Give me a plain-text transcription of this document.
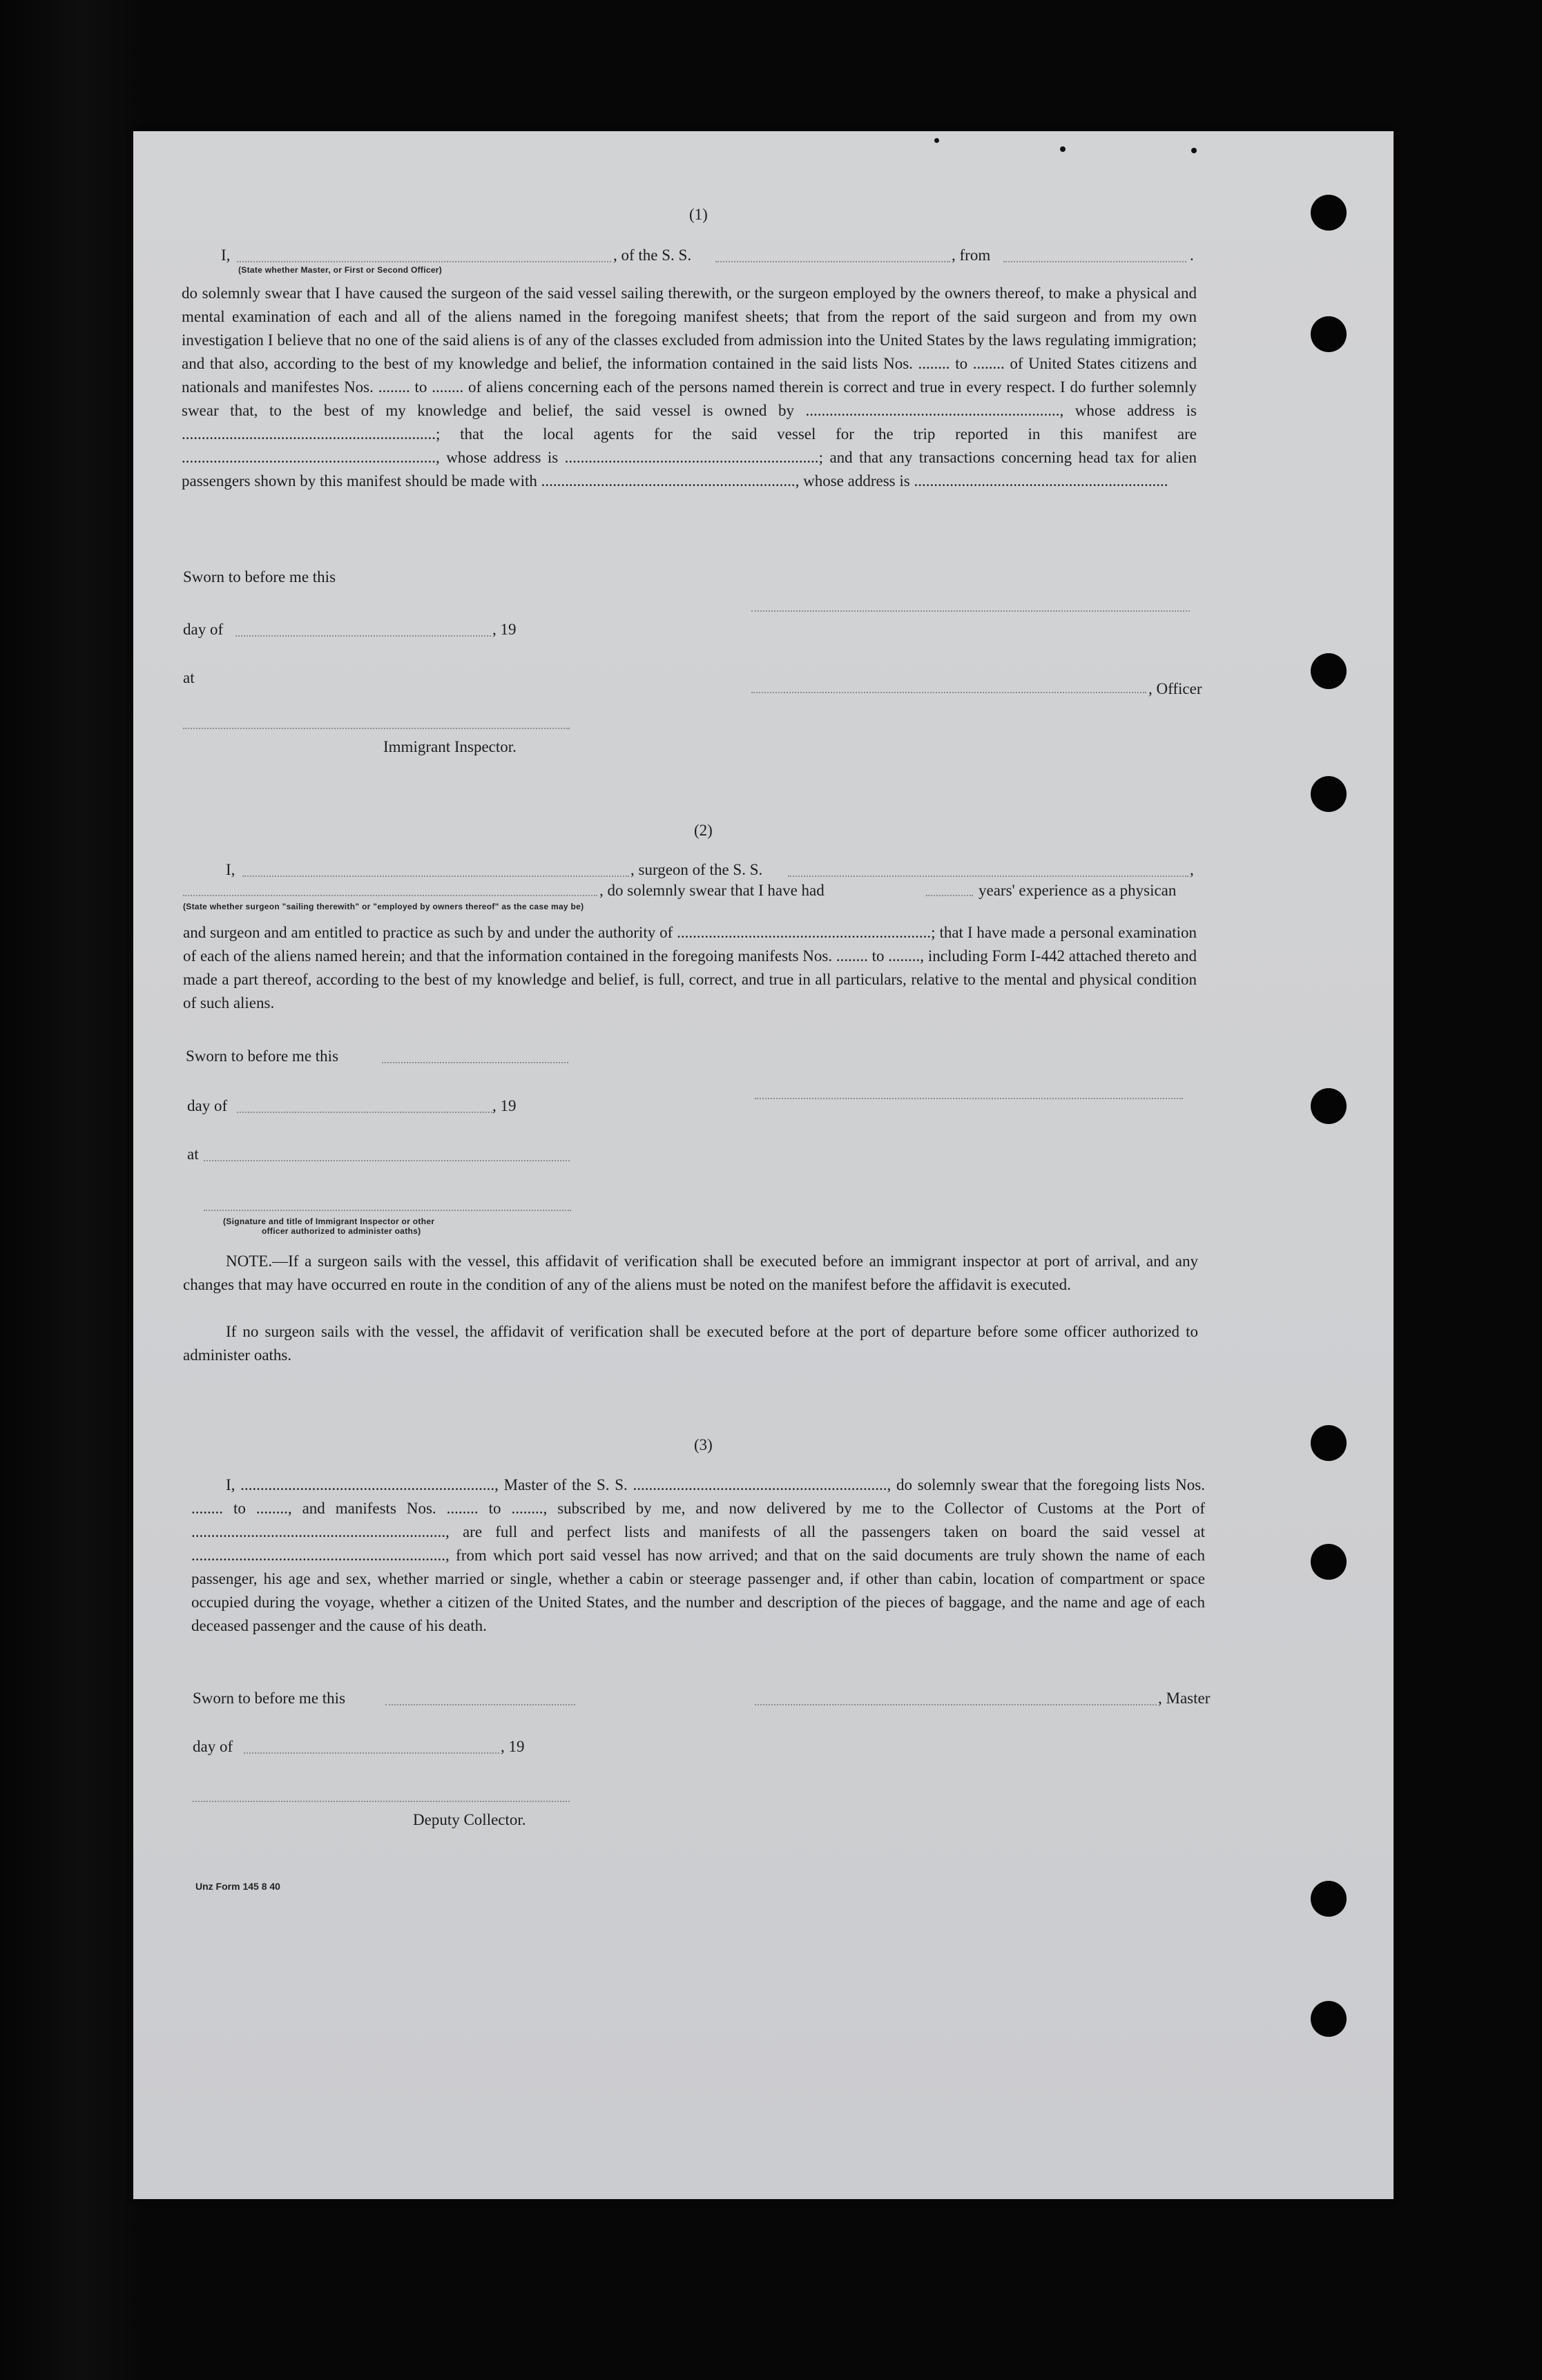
(1)
I,	, of the S. S.	, from	.
(State whether Master, or First or Second Officer)
do solemnly swear that I have caused the surgeon of the said vessel sailing therewith, or the surgeon employed by the owners thereof, to make a physical and mental examination of each and all of the aliens named in the foregoing manifest sheets; that from the report of the said surgeon and from my own investigation I believe that no one of the said aliens is of any of the classes excluded from admission into the United States by the laws regulating immigration; and that also, according to the best of my knowledge and belief, the information contained in the said lists Nos. ........ to ........ of United States citizens and nationals and manifestes Nos. ........ to ........ of aliens concerning each of the persons named therein is correct and true in every respect. I do further solemnly swear that, to the best of my knowledge and belief, the said vessel is owned by ................................................................, whose address is ................................................................; that the local agents for the said vessel for the trip reported in this manifest are ................................................................, whose address is ................................................................; and that any transactions concerning head tax for alien passengers shown by this manifest should be made with ................................................................, whose address is ................................................................
Sworn to before me this
day of	, 19
at
, Officer
Immigrant Inspector.
(2)
I,	, surgeon of the S. S.	,
, do solemnly swear that I have had	years' experience as a physican
(State whether surgeon "sailing therewith" or "employed by owners thereof" as the case may be)
and surgeon and am entitled to practice as such by and under the authority of ................................................................; that I have made a personal examination of each of the aliens named herein; and that the information contained in the foregoing manifests Nos. ........ to ........, including Form I-442 attached thereto and made a part thereof, according to the best of my knowledge and belief, is full, correct, and true in all particulars, relative to the mental and physical condition of such aliens.
Sworn to before me this
day of	, 19
at
(Signature and title of Immigrant Inspector or other
officer authorized to administer oaths)
NOTE.—If a surgeon sails with the vessel, this affidavit of verification shall be executed before an immigrant inspector at port of arrival, and any changes that may have occurred en route in the condition of any of the aliens must be noted on the manifest before the affidavit is executed.
If no surgeon sails with the vessel, the affidavit of verification shall be executed before at the port of departure before some officer authorized to administer oaths.
(3)
I, ................................................................, Master of the S. S. ................................................................, do solemnly swear that the foregoing lists Nos. ........ to ........, and manifests Nos. ........ to ........, subscribed by me, and now delivered by me to the Collector of Customs at the Port of ................................................................, are full and perfect lists and manifests of all the passengers taken on board the said vessel at ................................................................, from which port said vessel has now arrived; and that on the said documents are truly shown the name of each passenger, his age and sex, whether married or single, whether a cabin or steerage passenger and, if other than cabin, location of compartment or space occupied during the voyage, whether a citizen of the United States, and the number and description of the pieces of baggage, and the name and age of each deceased passenger and the cause of his death.
Sworn to before me this	, Master
day of	, 19
Deputy Collector.
Unz Form 145 8 40
